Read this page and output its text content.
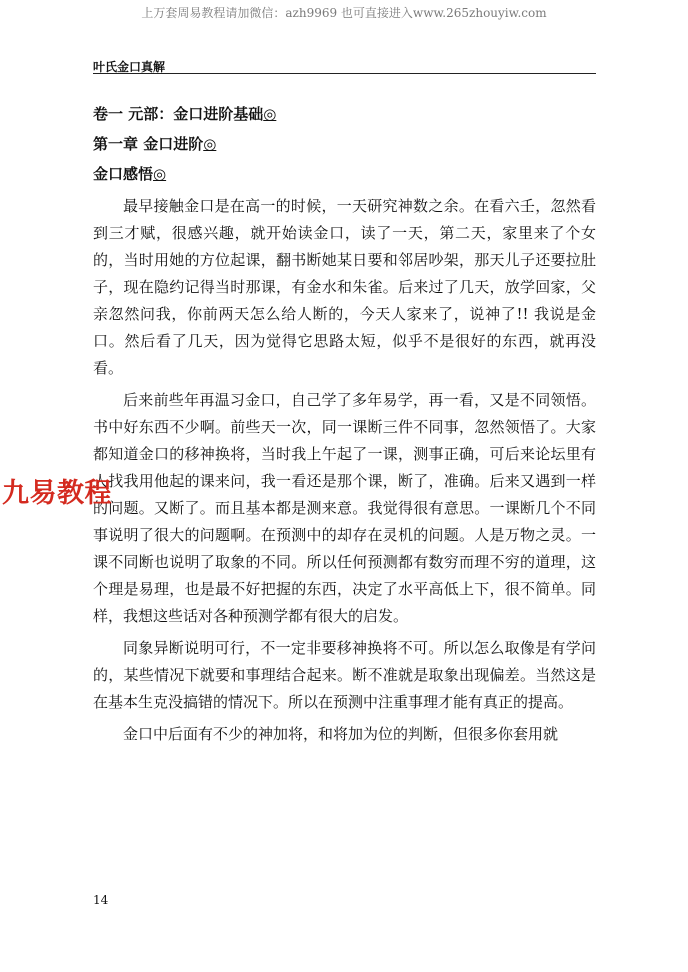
上万套周易教程请加微信：azh9969 也可直接进入www.265zhouyiw.com
叶氏金口真解
卷一 元部：金口进阶基础◎
第一章 金口进阶◎
金口感悟◎

最早接触金口是在高一的时候，一天研究神数之余。在看六壬，忽然看到三才赋，很感兴趣，就开始读金口，读了一天，第二天，家里来了个女的，当时用她的方位起课，翻书断她某日要和邻居吵架，那天儿子还要拉肚子，现在隐约记得当时那课，有金水和朱雀。后来过了几天，放学回家，父亲忽然问我，你前两天怎么给人断的，今天人家来了，说神了!! 我说是金口。然后看了几天，因为觉得它思路太短，似乎不是很好的东西，就再没看。

后来前些年再温习金口，自己学了多年易学，再一看，又是不同领悟。书中好东西不少啊。前些天一次，同一课断三件不同事，忽然领悟了。大家都知道金口的移神换将，当时我上午起了一课，测事正确，可后来论坛里有人找我用他起的课来问，我一看还是那个课，断了，准确。后来又遇到一样的问题。又断了。而且基本都是测来意。我觉得很有意思。一课断几个不同事说明了很大的问题啊。在预测中的却存在灵机的问题。人是万物之灵。一课不同断也说明了取象的不同。所以任何预测都有数穷而理不穷的道理，这个理是易理，也是最不好把握的东西，决定了水平高低上下，很不简单。同样，我想这些话对各种预测学都有很大的启发。

同象异断说明可行，不一定非要移神换将不可。所以怎么取像是有学问的，某些情况下就要和事理结合起来。断不准就是取象出现偏差。当然这是在基本生克没搞错的情况下。所以在预测中注重事理才能有真正的提高。

金口中后面有不少的神加将，和将加为位的判断，但很多你套用就

九易教程
14
